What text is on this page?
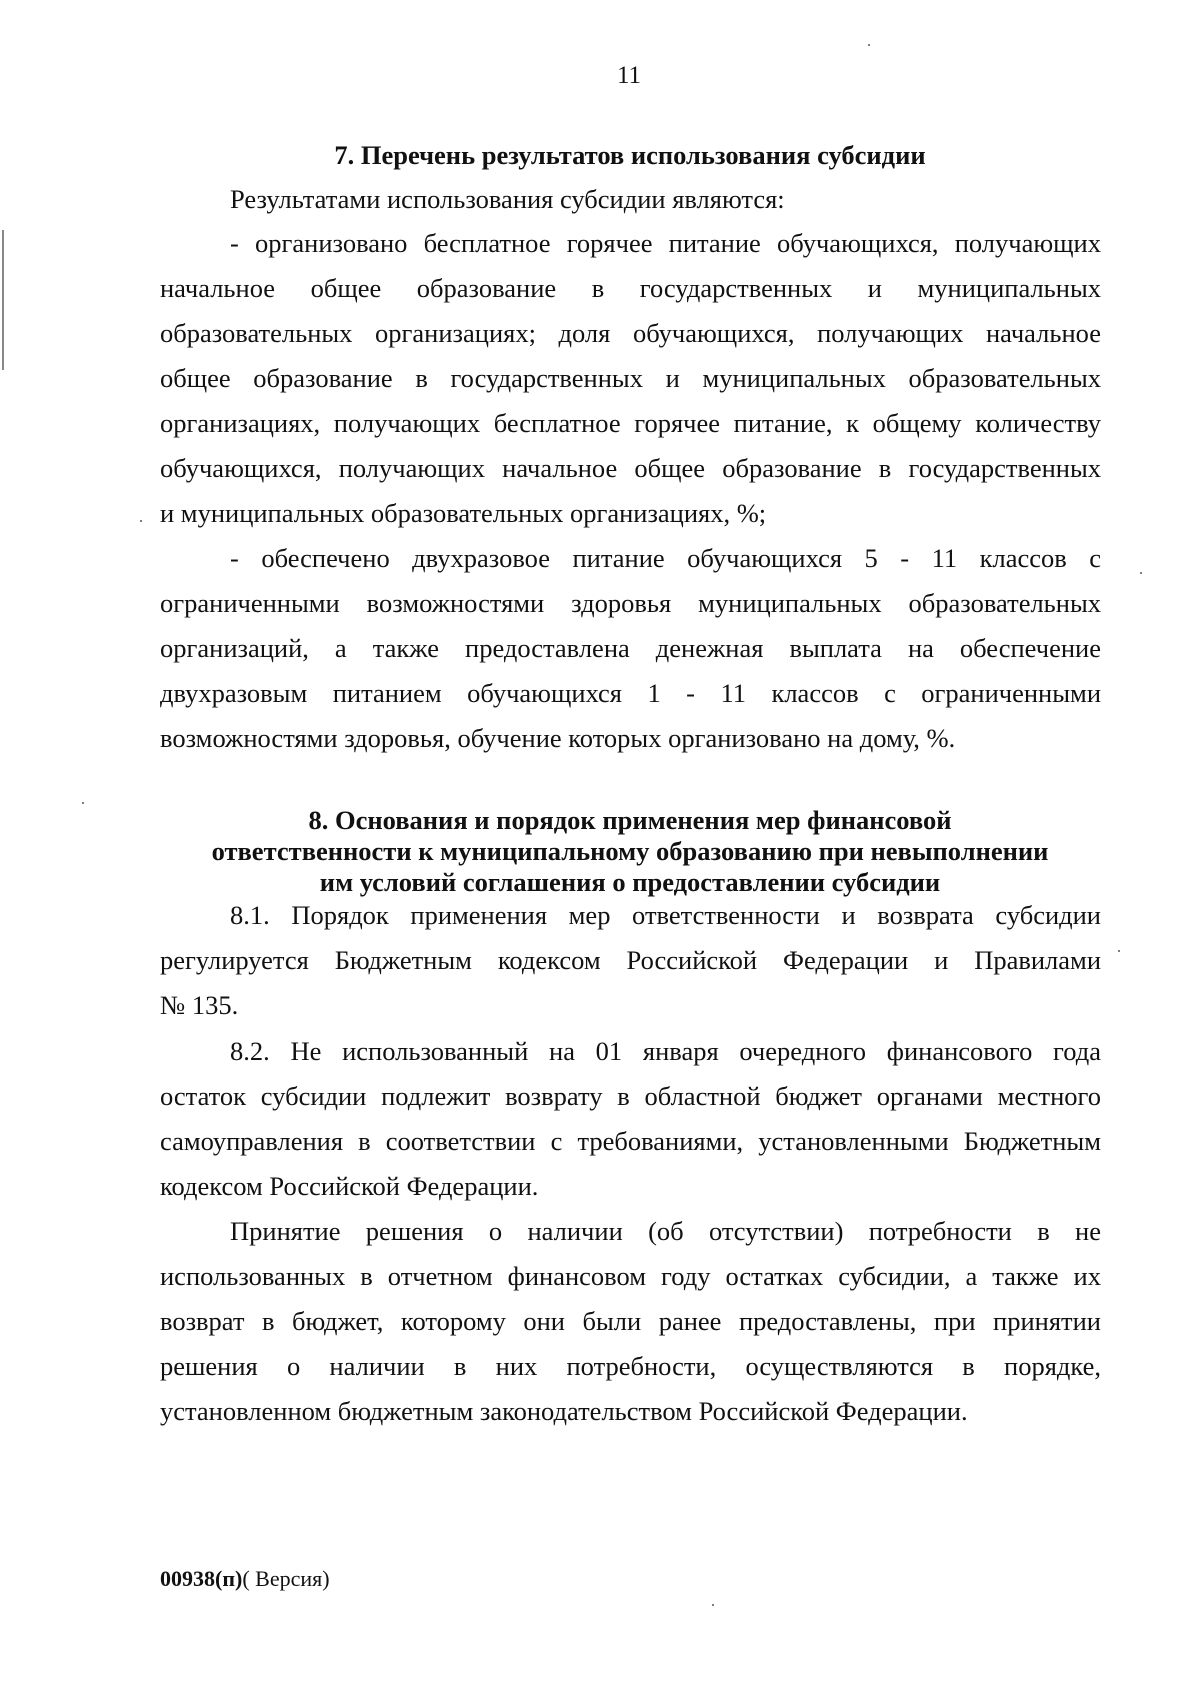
11
7. Перечень результатов использования субсидии
Результатами использования субсидии являются:
- организовано бесплатное горячее питание обучающихся, получающих
начальное общее образование в государственных и муниципальных
образовательных организациях; доля обучающихся, получающих начальное
общее образование в государственных и муниципальных образовательных
организациях, получающих бесплатное горячее питание, к общему количеству
обучающихся, получающих начальное общее образование в государственных
и муниципальных образовательных организациях, %;
- обеспечено двухразовое питание обучающихся 5 - 11 классов с
ограниченными возможностями здоровья муниципальных образовательных
организаций, а также предоставлена денежная выплата на обеспечение
двухразовым питанием обучающихся 1 - 11 классов с ограниченными
возможностями здоровья, обучение которых организовано на дому, %.
8. Основания и порядок применения мер финансовой
ответственности к муниципальному образованию при невыполнении
им условий соглашения о предоставлении субсидии
8.1. Порядок применения мер ответственности и возврата субсидии
регулируется Бюджетным кодексом Российской Федерации и Правилами
№ 135.
8.2. Не использованный на 01 января очередного финансового года
остаток субсидии подлежит возврату в областной бюджет органами местного
самоуправления в соответствии с требованиями, установленными Бюджетным
кодексом Российской Федерации.
Принятие решения о наличии (об отсутствии) потребности в не
использованных в отчетном финансовом году остатках субсидии, а также их
возврат в бюджет, которому они были ранее предоставлены, при принятии
решения о наличии в них потребности, осуществляются в порядке,
установленном бюджетным законодательством Российской Федерации.
00938(п)( Версия)
